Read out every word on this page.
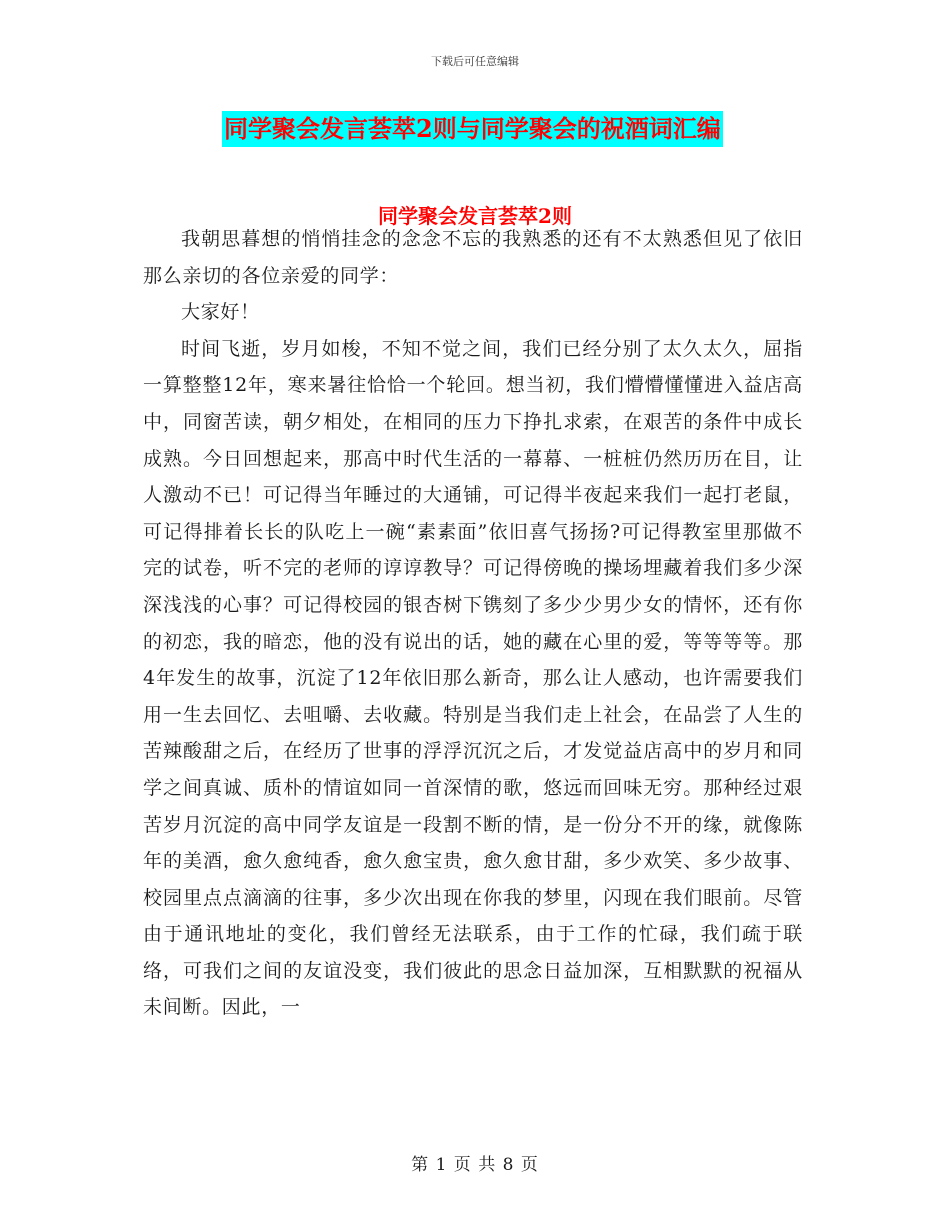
下载后可任意编辑
同学聚会发言荟萃2则与同学聚会的祝酒词汇编
同学聚会发言荟萃2则

我朝思暮想的悄悄挂念的念念不忘的我熟悉的还有不太熟悉但见了依旧那么亲切的各位亲爱的同学：

大家好！

时间飞逝，岁月如梭，不知不觉之间，我们已经分别了太久太久，屈指一算整整12年，寒来暑往恰恰一个轮回。想当初，我们懵懵懂懂进入益店高中，同窗苦读，朝夕相处，在相同的压力下挣扎求索，在艰苦的条件中成长成熟。今日回想起来，那高中时代生活的一幕幕、一桩桩仍然历历在目，让人激动不已！可记得当年睡过的大通铺，可记得半夜起来我们一起打老鼠，可记得排着长长的队吃上一碗“素素面”依旧喜气扬扬?可记得教室里那做不完的试卷，听不完的老师的谆谆教导？可记得傍晚的操场埋藏着我们多少深深浅浅的心事？可记得校园的银杏树下镌刻了多少少男少女的情怀，还有你的初恋，我的暗恋，他的没有说出的话，她的藏在心里的爱，等等等等。那4年发生的故事，沉淀了12年依旧那么新奇，那么让人感动，也许需要我们用一生去回忆、去咀嚼、去收藏。特别是当我们走上社会，在品尝了人生的苦辣酸甜之后，在经历了世事的浮浮沉沉之后，才发觉益店高中的岁月和同学之间真诚、质朴的情谊如同一首深情的歌，悠远而回味无穷。那种经过艰苦岁月沉淀的高中同学友谊是一段割不断的情，是一份分不开的缘，就像陈年的美酒，愈久愈纯香，愈久愈宝贵，愈久愈甘甜，多少欢笑、多少故事、校园里点点滴滴的往事，多少次出现在你我的梦里，闪现在我们眼前。尽管由于通讯地址的变化，我们曾经无法联系，由于工作的忙碌，我们疏于联络，可我们之间的友谊没变，我们彼此的思念日益加深，互相默默的祝福从未间断。因此，一

第 1 页 共 8 页
